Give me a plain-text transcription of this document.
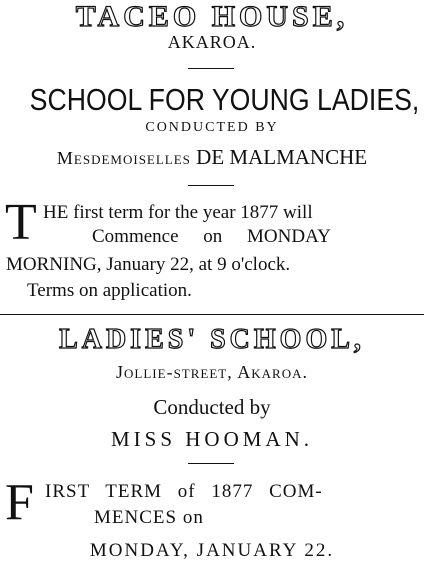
TACEO HOUSE,
AKAROA.
SCHOOL FOR YOUNG LADIES,
CONDUCTED BY
Mesdemoiselles DE MALMANCHE
T HE first term for the year 1877 will
Commence on MONDAY
MORNING, January 22, at 9 o'clock.
Terms on application.
LADIES' SCHOOL,
Jollie-street, Akaroa.
Conducted by
MISS HOOMAN.
F IRST TERM of 1877 COM-
MENCES on
MONDAY, JANUARY 22.
